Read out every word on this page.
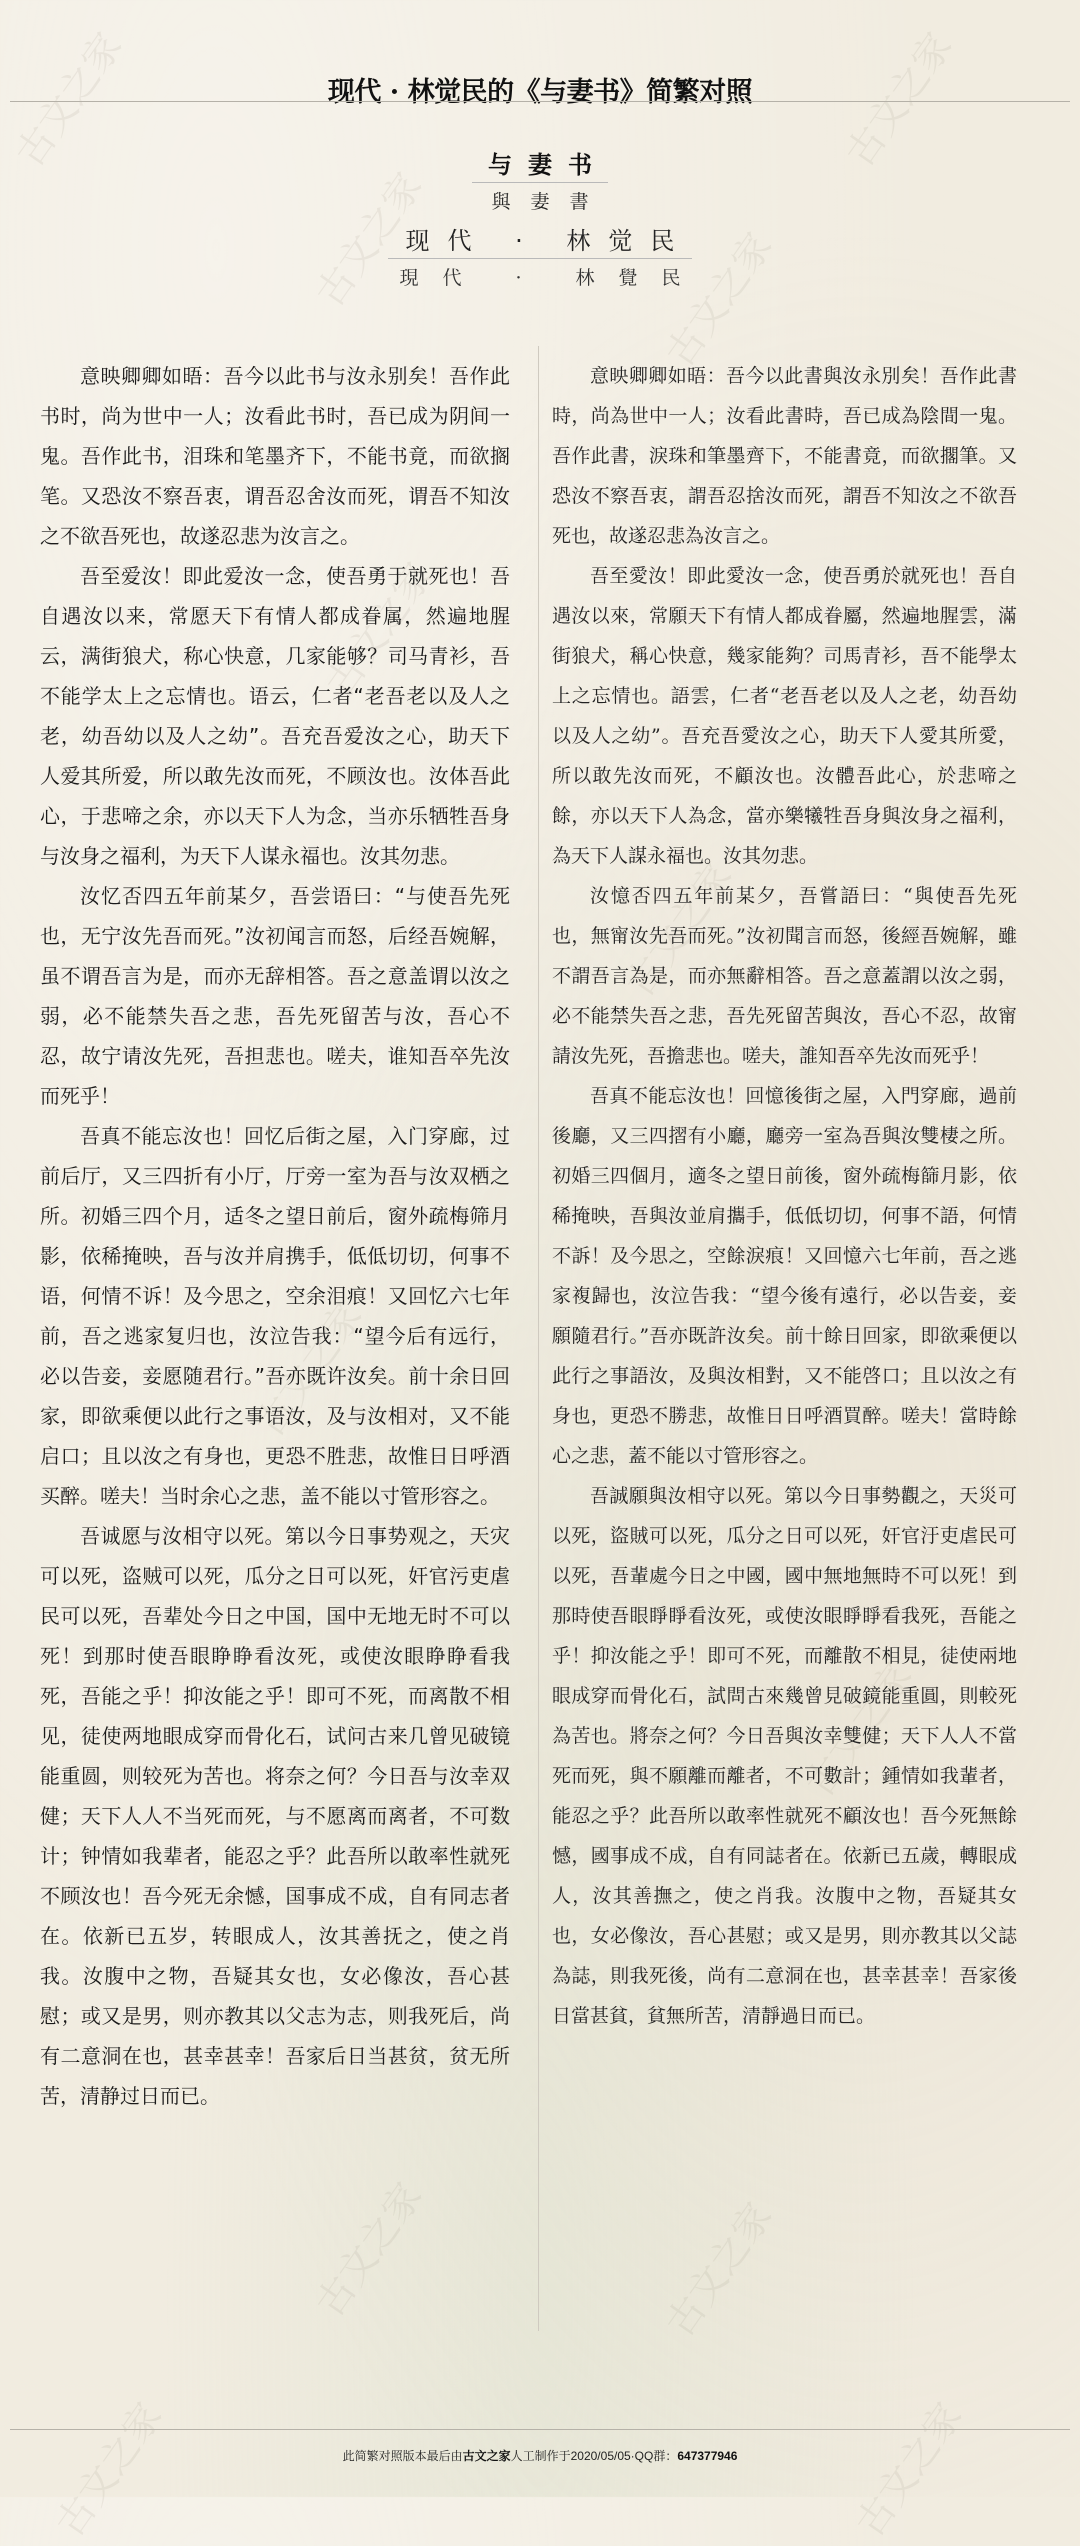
古文之家	古文之家
古文之家	古文之家
古文之家
古文之家
古文之家
古文之家
古文之家	古文之家
古文之家	古文之家
现代 · 林觉民的《与妻书》简繁对照
与妻书
與妻書
现代 · 林觉民
現代 · 林覺民

意映卿卿如晤：吾今以此书与汝永别矣！吾作此书时，尚为世中一人；汝看此书时，吾已成为阴间一鬼。吾作此书，泪珠和笔墨齐下，不能书竟，而欲搁笔。又恐汝不察吾衷，谓吾忍舍汝而死，谓吾不知汝之不欲吾死也，故遂忍悲为汝言之。

吾至爱汝！即此爱汝一念，使吾勇于就死也！吾自遇汝以来，常愿天下有情人都成眷属，然遍地腥云，满街狼犬，称心快意，几家能够？司马青衫，吾不能学太上之忘情也。语云，仁者“老吾老以及人之老，幼吾幼以及人之幼”。吾充吾爱汝之心，助天下人爱其所爱，所以敢先汝而死，不顾汝也。汝体吾此心，于悲啼之余，亦以天下人为念，当亦乐牺牲吾身与汝身之福利，为天下人谋永福也。汝其勿悲。

汝忆否四五年前某夕，吾尝语曰：“与使吾先死也，无宁汝先吾而死。”汝初闻言而怒，后经吾婉解，虽不谓吾言为是，而亦无辞相答。吾之意盖谓以汝之弱，必不能禁失吾之悲，吾先死留苦与汝，吾心不忍，故宁请汝先死，吾担悲也。嗟夫，谁知吾卒先汝而死乎！

吾真不能忘汝也！回忆后街之屋，入门穿廊，过前后厅，又三四折有小厅，厅旁一室为吾与汝双栖之所。初婚三四个月，适冬之望日前后，窗外疏梅筛月影，依稀掩映，吾与汝并肩携手，低低切切，何事不语，何情不诉！及今思之，空余泪痕！又回忆六七年前，吾之逃家复归也，汝泣告我：“望今后有远行，必以告妾，妾愿随君行。”吾亦既许汝矣。前十余日回家，即欲乘便以此行之事语汝，及与汝相对，又不能启口；且以汝之有身也，更恐不胜悲，故惟日日呼酒买醉。嗟夫！当时余心之悲，盖不能以寸管形容之。

吾诚愿与汝相守以死。第以今日事势观之，天灾可以死，盗贼可以死，瓜分之日可以死，奸官污吏虐民可以死，吾辈处今日之中国，国中无地无时不可以死！到那时使吾眼睁睁看汝死，或使汝眼睁睁看我死，吾能之乎！抑汝能之乎！即可不死，而离散不相见，徒使两地眼成穿而骨化石，试问古来几曾见破镜能重圆，则较死为苦也。将奈之何？今日吾与汝幸双健；天下人人不当死而死，与不愿离而离者，不可数计；钟情如我辈者，能忍之乎？此吾所以敢率性就死不顾汝也！吾今死无余憾，国事成不成，自有同志者在。依新已五岁，转眼成人，汝其善抚之，使之肖我。汝腹中之物，吾疑其女也，女必像汝，吾心甚慰；或又是男，则亦教其以父志为志，则我死后，尚有二意洞在也，甚幸甚幸！吾家后日当甚贫，贫无所苦，清静过日而已。

意映卿卿如晤：吾今以此書與汝永別矣！吾作此書時，尚為世中一人；汝看此書時，吾已成為陰間一鬼。吾作此書，淚珠和筆墨齊下，不能書竟，而欲擱筆。又恐汝不察吾衷，謂吾忍捨汝而死，謂吾不知汝之不欲吾死也，故遂忍悲為汝言之。

吾至愛汝！即此愛汝一念，使吾勇於就死也！吾自遇汝以來，常願天下有情人都成眷屬，然遍地腥雲，滿街狼犬，稱心快意，幾家能夠？司馬青衫，吾不能學太上之忘情也。語雲，仁者“老吾老以及人之老，幼吾幼以及人之幼”。吾充吾愛汝之心，助天下人愛其所愛，所以敢先汝而死，不顧汝也。汝體吾此心，於悲啼之餘，亦以天下人為念，當亦樂犧牲吾身與汝身之福利，為天下人謀永福也。汝其勿悲。

汝憶否四五年前某夕，吾嘗語曰：“與使吾先死也，無甯汝先吾而死。”汝初聞言而怒，後經吾婉解，雖不謂吾言為是，而亦無辭相答。吾之意蓋謂以汝之弱，必不能禁失吾之悲，吾先死留苦與汝，吾心不忍，故甯請汝先死，吾擔悲也。嗟夫，誰知吾卒先汝而死乎！

吾真不能忘汝也！回憶後街之屋，入門穿廊，過前後廳，又三四摺有小廳，廳旁一室為吾與汝雙棲之所。初婚三四個月，適冬之望日前後，窗外疏梅篩月影，依稀掩映，吾與汝並肩攜手，低低切切，何事不語，何情不訴！及今思之，空餘淚痕！又回憶六七年前，吾之逃家複歸也，汝泣告我：“望今後有遠行，必以告妾，妾願隨君行。”吾亦既許汝矣。前十餘日回家，即欲乘便以此行之事語汝，及與汝相對，又不能啓口；且以汝之有身也，更恐不勝悲，故惟日日呼酒買醉。嗟夫！當時餘心之悲，蓋不能以寸管形容之。

吾誠願與汝相守以死。第以今日事勢觀之，天災可以死，盜賊可以死，瓜分之日可以死，奸官汙吏虐民可以死，吾輩處今日之中國，國中無地無時不可以死！到那時使吾眼睜睜看汝死，或使汝眼睜睜看我死，吾能之乎！抑汝能之乎！即可不死，而離散不相見，徒使兩地眼成穿而骨化石，試問古來幾曾見破鏡能重圓，則較死為苦也。將奈之何？今日吾與汝幸雙健；天下人人不當死而死，與不願離而離者，不可數計；鍾情如我輩者，能忍之乎？此吾所以敢率性就死不顧汝也！吾今死無餘憾，國事成不成，自有同誌者在。依新已五歲，轉眼成人，汝其善撫之，使之肖我。汝腹中之物，吾疑其女也，女必像汝，吾心甚慰；或又是男，則亦教其以父誌為誌，則我死後，尚有二意洞在也，甚幸甚幸！吾家後日當甚貧，貧無所苦，清靜過日而已。

此简繁对照版本最后由古文之家人工制作于2020/05/05·QQ群：647377946
